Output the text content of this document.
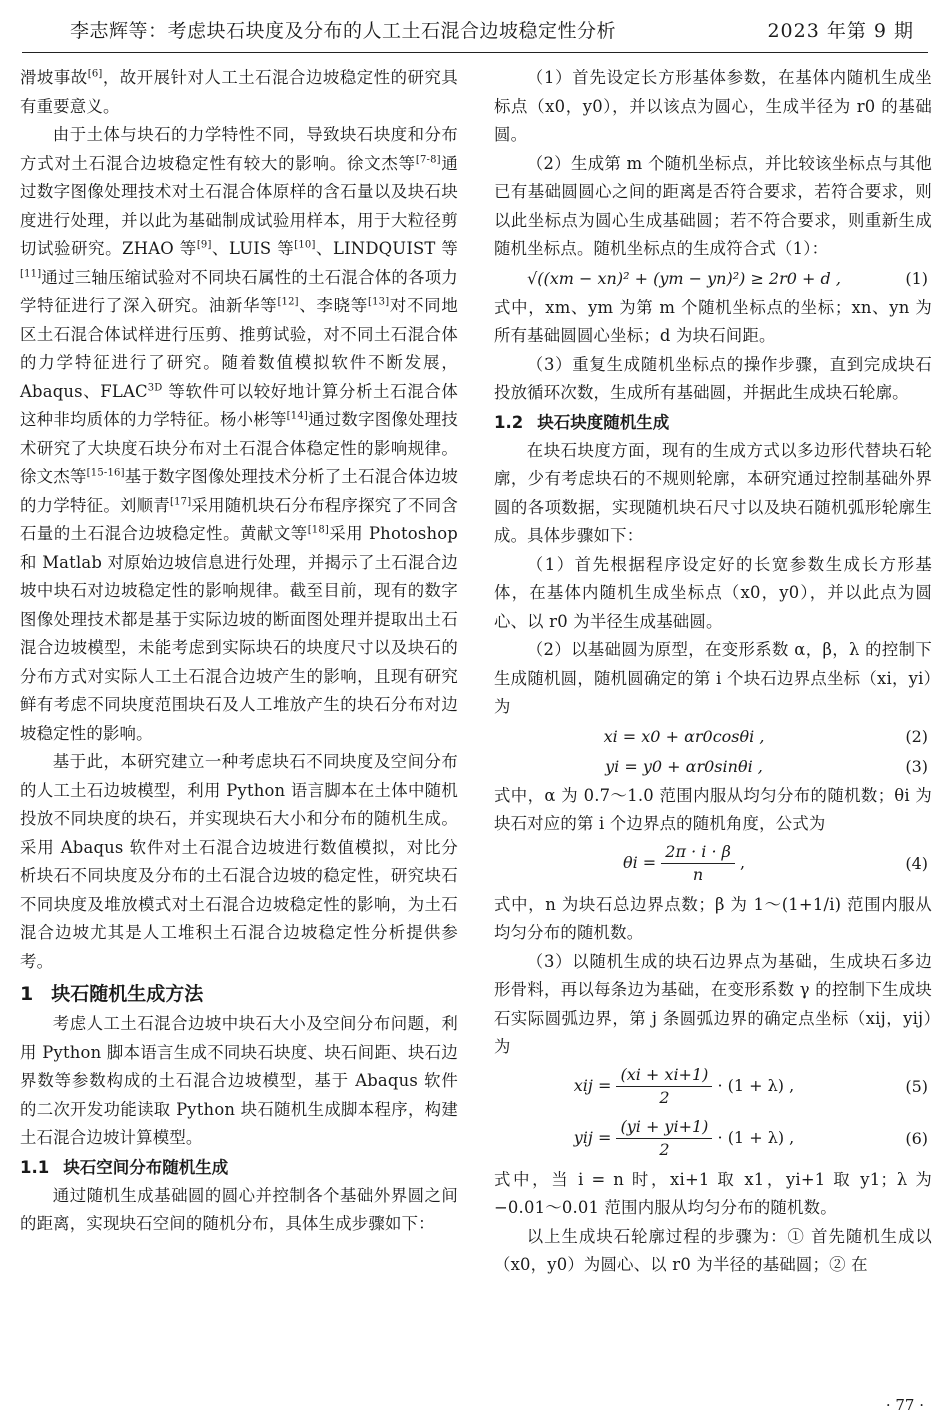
李志辉等：考虑块石块度及分布的人工土石混合边坡稳定性分析	2023 年第 9 期

滑坡事故[6]，故开展针对人工土石混合边坡稳定性的研究具有重要意义。

由于土体与块石的力学特性不同，导致块石块度和分布方式对土石混合边坡稳定性有较大的影响。徐文杰等[7-8]通过数字图像处理技术对土石混合体原样的含石量以及块石块度进行处理，并以此为基础制成试验用样本，用于大粒径剪切试验研究。ZHAO 等[9]、LUIS 等[10]、LINDQUIST 等[11]通过三轴压缩试验对不同块石属性的土石混合体的各项力学特征进行了深入研究。油新华等[12]、李晓等[13]对不同地区土石混合体试样进行压剪、推剪试验，对不同土石混合体的力学特征进行了研究。随着数值模拟软件不断发展，Abaqus、$FLAC^{3D}$ 等软件可以较好地计算分析土石混合体这种非均质体的力学特征。杨小彬等[14]通过数字图像处理技术研究了大块度石块分布对土石混合体稳定性的影响规律。徐文杰等[15-16]基于数字图像处理技术分析了土石混合体边坡的力学特征。刘顺青[17]采用随机块石分布程序探究了不同含石量的土石混合边坡稳定性。黄献文等[18]采用 Photoshop 和 Matlab 对原始边坡信息进行处理，并揭示了土石混合边坡中块石对边坡稳定性的影响规律。截至目前，现有的数字图像处理技术都是基于实际边坡的断面图处理并提取出土石混合边坡模型，未能考虑到实际块石的块度尺寸以及块石的分布方式对实际人工土石混合边坡产生的影响，且现有研究鲜有考虑不同块度范围块石及人工堆放产生的块石分布对边坡稳定性的影响。

基于此，本研究建立一种考虑块石不同块度及空间分布的人工土石边坡模型，利用 Python 语言脚本在土体中随机投放不同块度的块石，并实现块石大小和分布的随机生成。采用 Abaqus 软件对土石混合边坡进行数值模拟，对比分析块石不同块度及分布的土石混合边坡的稳定性，研究块石不同块度及堆放模式对土石混合边坡稳定性的影响，为土石混合边坡尤其是人工堆积土石混合边坡稳定性分析提供参考。

1 块石随机生成方法

考虑人工土石混合边坡中块石大小及空间分布问题，利用 Python 脚本语言生成不同块石块度、块石间距、块石边界数等参数构成的土石混合边坡模型，基于 Abaqus 软件的二次开发功能读取 Python 块石随机生成脚本程序，构建土石混合边坡计算模型。

1.1 块石空间分布随机生成

通过随机生成基础圆的圆心并控制各个基础外界圆之间的距离，实现块石空间的随机分布，具体生成步骤如下：

（1）首先设定长方形基体参数，在基体内随机生成坐标点（x0，y0），并以该点为圆心，生成半径为 r0 的基础圆。

（2）生成第 m 个随机坐标点，并比较该坐标点与其他已有基础圆圆心之间的距离是否符合要求，若符合要求，则以此坐标点为圆心生成基础圆；若不符合要求，则重新生成随机坐标点。随机坐标点的生成符合式（1）：

√((xm − xn)² + (ym − yn)²) ≥ 2r0 + d ,	(1)

式中，xm、ym 为第 m 个随机坐标点的坐标；xn、yn 为所有基础圆圆心坐标；d 为块石间距。

（3）重复生成随机坐标点的操作步骤，直到完成块石投放循环次数，生成所有基础圆，并据此生成块石轮廓。

1.2 块石块度随机生成

在块石块度方面，现有的生成方式以多边形代替块石轮廓，少有考虑块石的不规则轮廓，本研究通过控制基础外界圆的各项数据，实现随机块石尺寸以及块石随机弧形轮廓生成。具体步骤如下：

（1）首先根据程序设定好的长宽参数生成长方形基体，在基体内随机生成坐标点（x0，y0），并以此点为圆心、以 r0 为半径生成基础圆。

（2）以基础圆为原型，在变形系数 α，β，λ 的控制下生成随机圆，随机圆确定的第 i 个块石边界点坐标（xi，yi）为

xi = x0 + αr0cosθi ,	(2)
yi = y0 + αr0sinθi ,	(3)

式中，α 为 0.7～1.0 范围内服从均匀分布的随机数；θi 为块石对应的第 i 个边界点的随机角度，公式为

$\theta i = \frac{2\pi \cdot i \cdot \beta}{n}$ ,	(4)

式中，n 为块石总边界点数；β 为 1～(1+1/i) 范围内服从均匀分布的随机数。

（3）以随机生成的块石边界点为基础，生成块石多边形骨料，再以每条边为基础，在变形系数 γ 的控制下生成块石实际圆弧边界，第 j 条圆弧边界的确定点坐标（xij，yij）为

xij = $\frac{(xi + xi+1)}{2} \cdot (1 + \lambda)$ ,	(5)
yij = $\frac{(yi + yi+1)}{2} \cdot (1 + \lambda)$ ,	(6)

式中，当 i = n 时，xi+1 取 x1，yi+1 取 y1；λ 为 −0.01～0.01 范围内服从均匀分布的随机数。

以上生成块石轮廓过程的步骤为：① 首先随机生成以（x0，y0）为圆心、以 r0 为半径的基础圆；② 在

· 77 ·
